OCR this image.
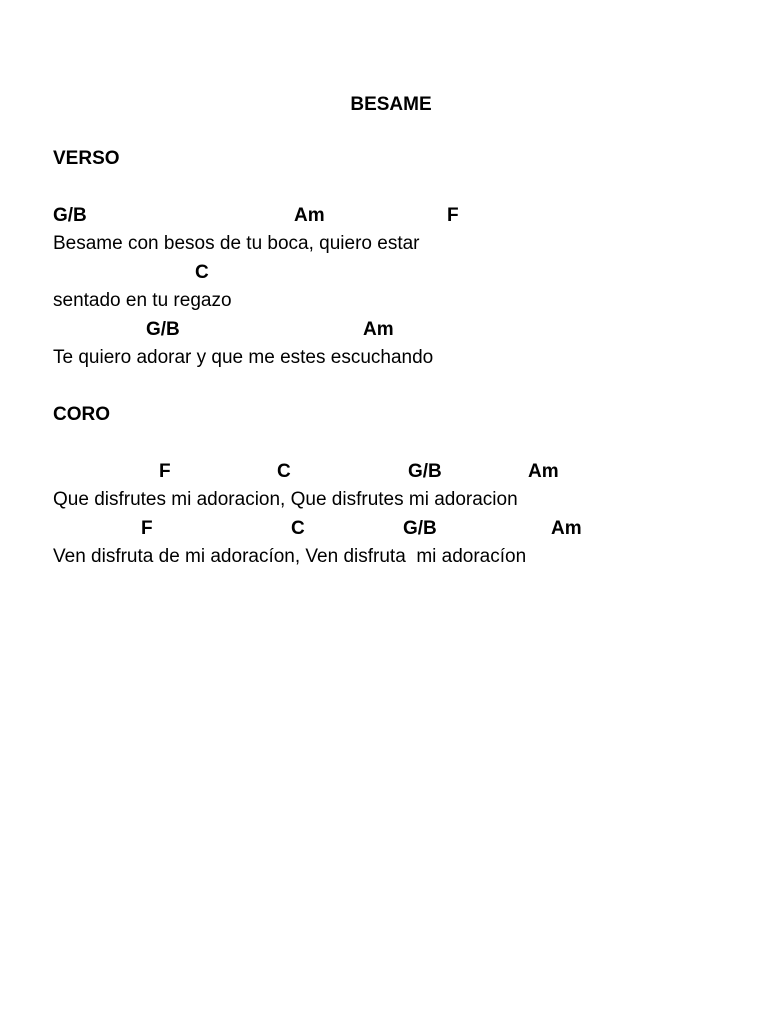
BESAME
VERSO
G/B	Am	F
Besame con besos de tu boca, quiero estar
C
sentado en tu regazo
G/B	Am
Te quiero adorar y que me estes escuchando
CORO
F	C	G/B	Am
Que disfrutes mi adoracion, Que disfrutes mi adoracion
F	C	G/B	Am
Ven disfruta de mi adoracíon, Ven disfruta  mi adoracíon
